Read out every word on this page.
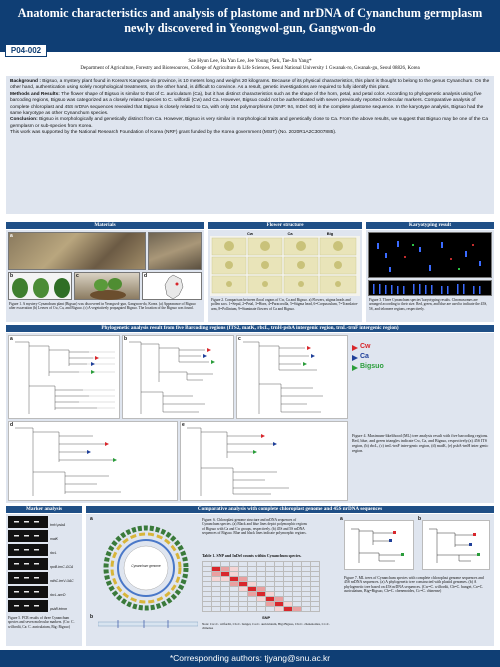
Anatomic characteristics and analysis of plastome and nrDNA of Cynanchum germplasm newly discovered in Yeongwol-gun, Gangwon-do
P04-002
Sae Hyun Lee, Ha Yan Lee, Jee Young Park, Tae-Jin Yang*
Department of Agriculture, Forestry and Bioresources, College of Agriculture & Life Sciences, Seoul National University 1 Gwanak-ro, Gwanak-gu, Seoul 08826, Korea

Background : Bigsuo, a mystery plant found in Korea's Kangwon-do province, is 10 meters long and weighs 20 kilograms. Because of its physical characteristics, this plant is thought to belong to the genus Cynanchum. On the other hand, authentication using solely morphological treatments, on the other hand, is difficult to convince. As a result, genetic investigations are required to fully identify this plant.

Methods and Results: The flower shape of Bigsuo is similar to that of C. auriculatum (Ca), but it has distinct characteristics such as the shape of the horn, petal, and petal color. According to phylogenetic analysis using five barcoding regions, Bigsuo was categorized as a closely related species to C. wilfordii (Cw) and Ca. However, Bigsuo could not be authenticated with seven previously reported molecular markers. Comparative analysis of complete chloroplast and 45S nrDNA sequences revealed that Bigsuo is closely related to Ca, with only 154 polymorphisms (SNP: 94, InDel: 60) in the complete plastome sequence. In the karyotype analysis, Bigsuo had the same karyotype as other Cynanchum species.

Conclusion: Bigsuo is morphologically and genetically distinct from Ca. However, Bigsuo is very similar in morphological traits and genetically close to Ca. From the above results, we suggest that Bigsuo may be one of the Ca germplasm or sub-species from Korea.

This work was supported by the National Research Foundation of Korea (NRF) grant funded by the Korea government (MSIT) (No. 2020R1A2C3007885).

Materials	Flower structure	Karyotyping result
a
b	c	d
Figure 1. A mystery Cynanchum plant (Bigsuo) was discovered in Yeongwol-gun, Gangwon-do, Korea. (a) Appearance of Bigsuo after excavation (b) Leaves of Cw, Ca, and Bigsuo. (c) A vegetatively propagated Bigsuo. The location of the Bigsuo was found.
Cw	Ca	Big
Figure 2. Comparison between floral organs of Cw, Ca and Bigsuo. a) Flowers, stigma heads and pollen sacs. 1=Sepal, 2=Petal, 3=Horn, 4=Paracorolla, 5=Stigma head, 6=Corpusculum, 7=Translator-arm, 8=Pollinium, 9=Staminate flowers of Ca and Bigsuo.
Figure 3. Three Cynanchum species' karyotyping results. Chromosomes are arranged according to their size. Red, green, and blue are used to indicate the 45S, 5S, and telomere regions, respectively.
Phylogenetic analysis result from five Barcoding regions (ITS2, matK, rbcL, trnH-psbA intergenic region, trnL-trnF intergenic region)
a	b	c
Cw
Ca
Bigsuo
d	e
Figure 4. Maximum-likelihood (ML) tree analysis result with five barcoding regions. Red, blue, and green triangles indicate Cw, Ca, and Bigsuo, respectively.(a) 45S ITS region, (b) rbcL, (c) trnL-trnF inter-genic region, (d) matK, (e) psbA-trnH inter genic region.
Marker analysis	Comparative analysis with complete chloroplast genome and 45S nrDNA sequences
trnH-psbA
matK
rbcL
rpoB-trnC-GCA
ndhC-trnV-UAC
rbcL-accD
psbB intron
Figure 5. PCR results of three Cynanchum species and seven molecular markers. (Cw: C. wilfordii, Ca: C. auriculatum, Big: Bigsuo)
a
Cynanchum genome
b
Figure. 6. Chloroplast genome structure and nrDNA sequences of Cynanchum species. (a) Black and blue lines depict polymorphic regions of Bigsuo with Ca and Cw groups, respectively. (b) 45S and 5S nrDNA sequences of Bigsuo. Blue and black lines indicate polymorphic regions.
Table 1. SNP and InDel counts within Cynanchum species.

SNP
Note: Cw=C. wilfordii, Cb=C. bungei, Ca=C. auriculatum, Big=Bigsuo, Ch=C. chenenoides, Cc=C. chinense
a	b
Figure 7. ML trees of Cynanchum species with complete chloroplast genome sequences and 45S nrDNA sequences. (a) A phylogenetic tree constructed with plastid genomes. (b) A phylogenetic tree based on 45S nrDNA sequences. (Cw=C. wilfordii, Cb=C. bungei, Ca=C. auriculatum, Big=Bigsuo, Ch=C. chenenoides, Cc=C. chinense)
*Corresponding authors: tjyang@snu.ac.kr
